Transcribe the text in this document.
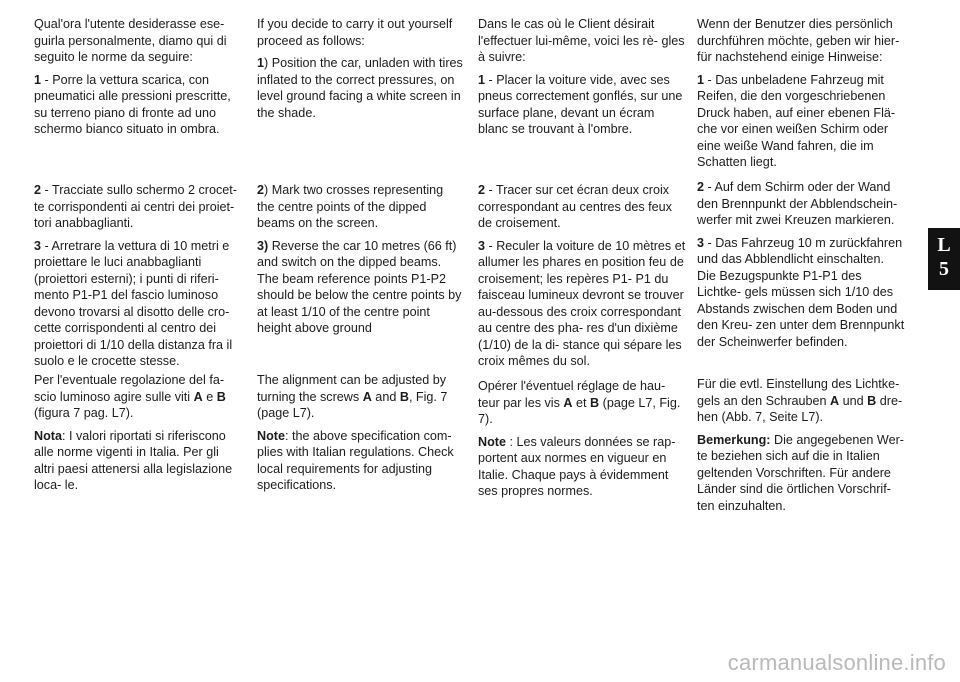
Qual'ora l'utente desiderasse ese- guirla personalmente, diamo qui di seguito le norme da seguire:

1 - Porre la vettura scarica, con pneumatici alle pressioni prescritte, su terreno piano di fronte ad uno schermo bianco situato in ombra.

2 - Tracciate sullo schermo 2 crocet- te corrispondenti ai centri dei proiet- tori anabbaglianti.

3 - Arretrare la vettura di 10 metri e proiettare le luci anabbaglianti (proiettori esterni); i punti di riferi- mento P1-P1 del fascio luminoso devono trovarsi al disotto delle cro- cette corrispondenti al centro dei proiettori di 1/10 della distanza fra il suolo e le crocette stesse.

Per l'eventuale regolazione del fa- scio luminoso agire sulle viti A e B (figura 7 pag. L7).

Nota: I valori riportati si riferiscono alle norme vigenti in Italia. Per gli altri paesi attenersi alla legislazione loca- le.

If you decide to carry it out yourself proceed as follows:

1) Position the car, unladen with tires inflated to the correct pressures, on level ground facing a white screen in the shade.

2) Mark two crosses representing the centre points of the dipped beams on the screen.

3) Reverse the car 10 metres (66 ft) and switch on the dipped beams. The beam reference points P1-P2 should be below the centre points by at least 1/10 of the centre point height above ground

The alignment can be adjusted by turning the screws A and B, Fig. 7 (page L7).

Note: the above specification com- plies with Italian regulations. Check local requirements for adjusting specifications.

Dans le cas où le Client désirait l'effectuer lui-même, voici les rè- gles à suivre:

1 - Placer la voiture vide, avec ses pneus correctement gonflés, sur une surface plane, devant un écram blanc se trouvant à l'ombre.

2 - Tracer sur cet écran deux croix correspondant au centres des feux de croisement.

3 - Reculer la voiture de 10 mètres et allumer les phares en position feu de croisement; les repères P1- P1 du faisceau lumineux devront se trouver au-dessous des croix correspondant au centre des pha- res d'un dixième (1/10) de la di- stance qui sépare les croix mêmes du sol.

Opérer l'éventuel réglage de hau- teur par les vis A et B (page L7, Fig. 7).

Note : Les valeurs données se rap- portent aux normes en vigueur en Italie. Chaque pays à évidemment ses propres normes.

Wenn der Benutzer dies persönlich durchführen möchte, geben wir hier- für nachstehend einige Hinweise:

1 - Das unbeladene Fahrzeug mit Reifen, die den vorgeschriebenen Druck haben, auf einer ebenen Flä- che vor einen weißen Schirm oder eine weiße Wand fahren, die im Schatten liegt.

2 - Auf dem Schirm oder der Wand den Brennpunkt der Abblendschein- werfer mit zwei Kreuzen markieren.

3 - Das Fahrzeug 10 m zurückfahren und das Abblendlicht einschalten. Die Bezugspunkte P1-P1 des Lichtke- gels müssen sich 1/10 des Abstands zwischen dem Boden und den Kreu- zen unter dem Brennpunkt der Scheinwerfer befinden.

Für die evtl. Einstellung des Lichtke- gels an den Schrauben A und B dre- hen (Abb. 7, Seite L7).

Bemerkung: Die angegebenen Wer- te beziehen sich auf die in Italien geltenden Vorschriften. Für andere Länder sind die örtlichen Vorschrif- ten einzuhalten.

L
5
carmanualsonline.info
